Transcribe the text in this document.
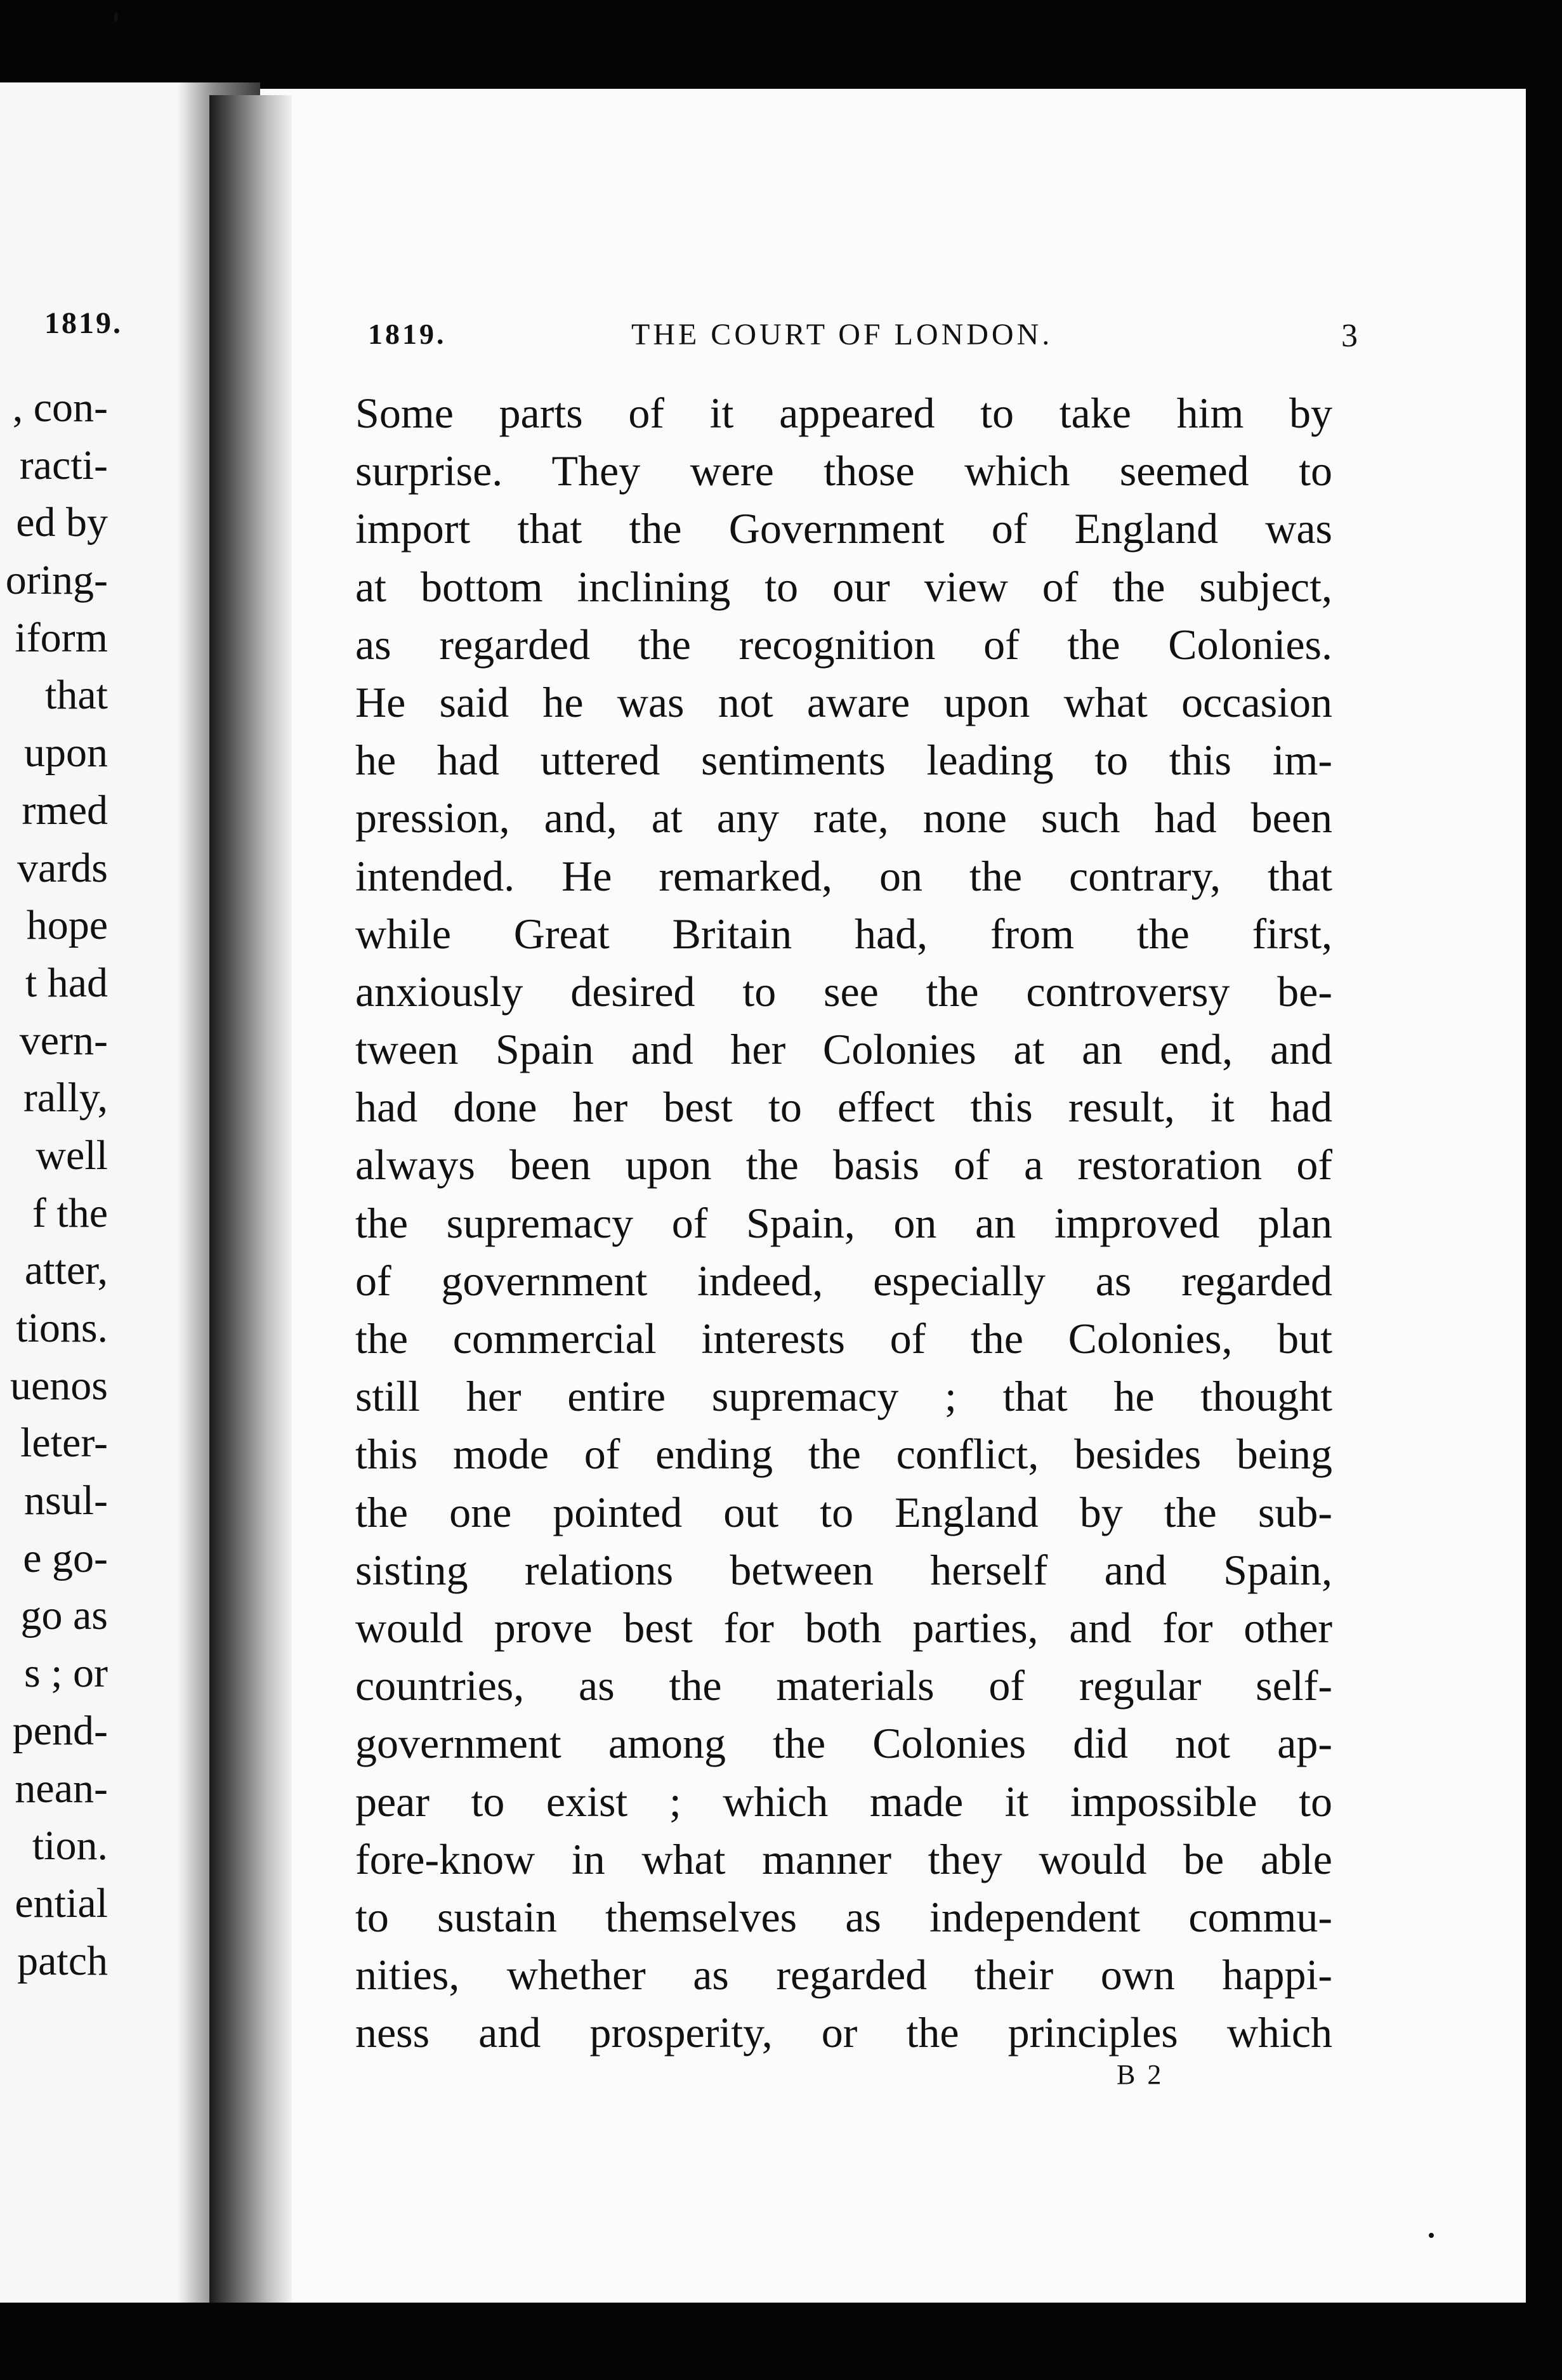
1819.
, con-
racti-
ed by
oring-
iform
that
upon
rmed
vards
hope
t had
vern-
rally,
well
f the
atter,
tions.
uenos
leter-
nsul-
e go-
go as
s ; or
pend-
nean-
tion.
ential
patch
1819.	THE COURT OF LONDON.	3
Some parts of it appeared to take him by
surprise. They were those which seemed to
import that the Government of England was
at bottom inclining to our view of the subject,
as regarded the recognition of the Colonies.
He said he was not aware upon what occasion
he had uttered sentiments leading to this im-
pression, and, at any rate, none such had been
intended. He remarked, on the contrary, that
while Great Britain had, from the first,
anxiously desired to see the controversy be-
tween Spain and her Colonies at an end, and
had done her best to effect this result, it had
always been upon the basis of a restoration of
the supremacy of Spain, on an improved plan
of government indeed, especially as regarded
the commercial interests of the Colonies, but
still her entire supremacy ; that he thought
this mode of ending the conflict, besides being
the one pointed out to England by the sub-
sisting relations between herself and Spain,
would prove best for both parties, and for other
countries, as the materials of regular self-
government among the Colonies did not ap-
pear to exist ; which made it impossible to
fore-know in what manner they would be able
to sustain themselves as independent commu-
nities, whether as regarded their own happi-
ness and prosperity, or the principles which
B 2
